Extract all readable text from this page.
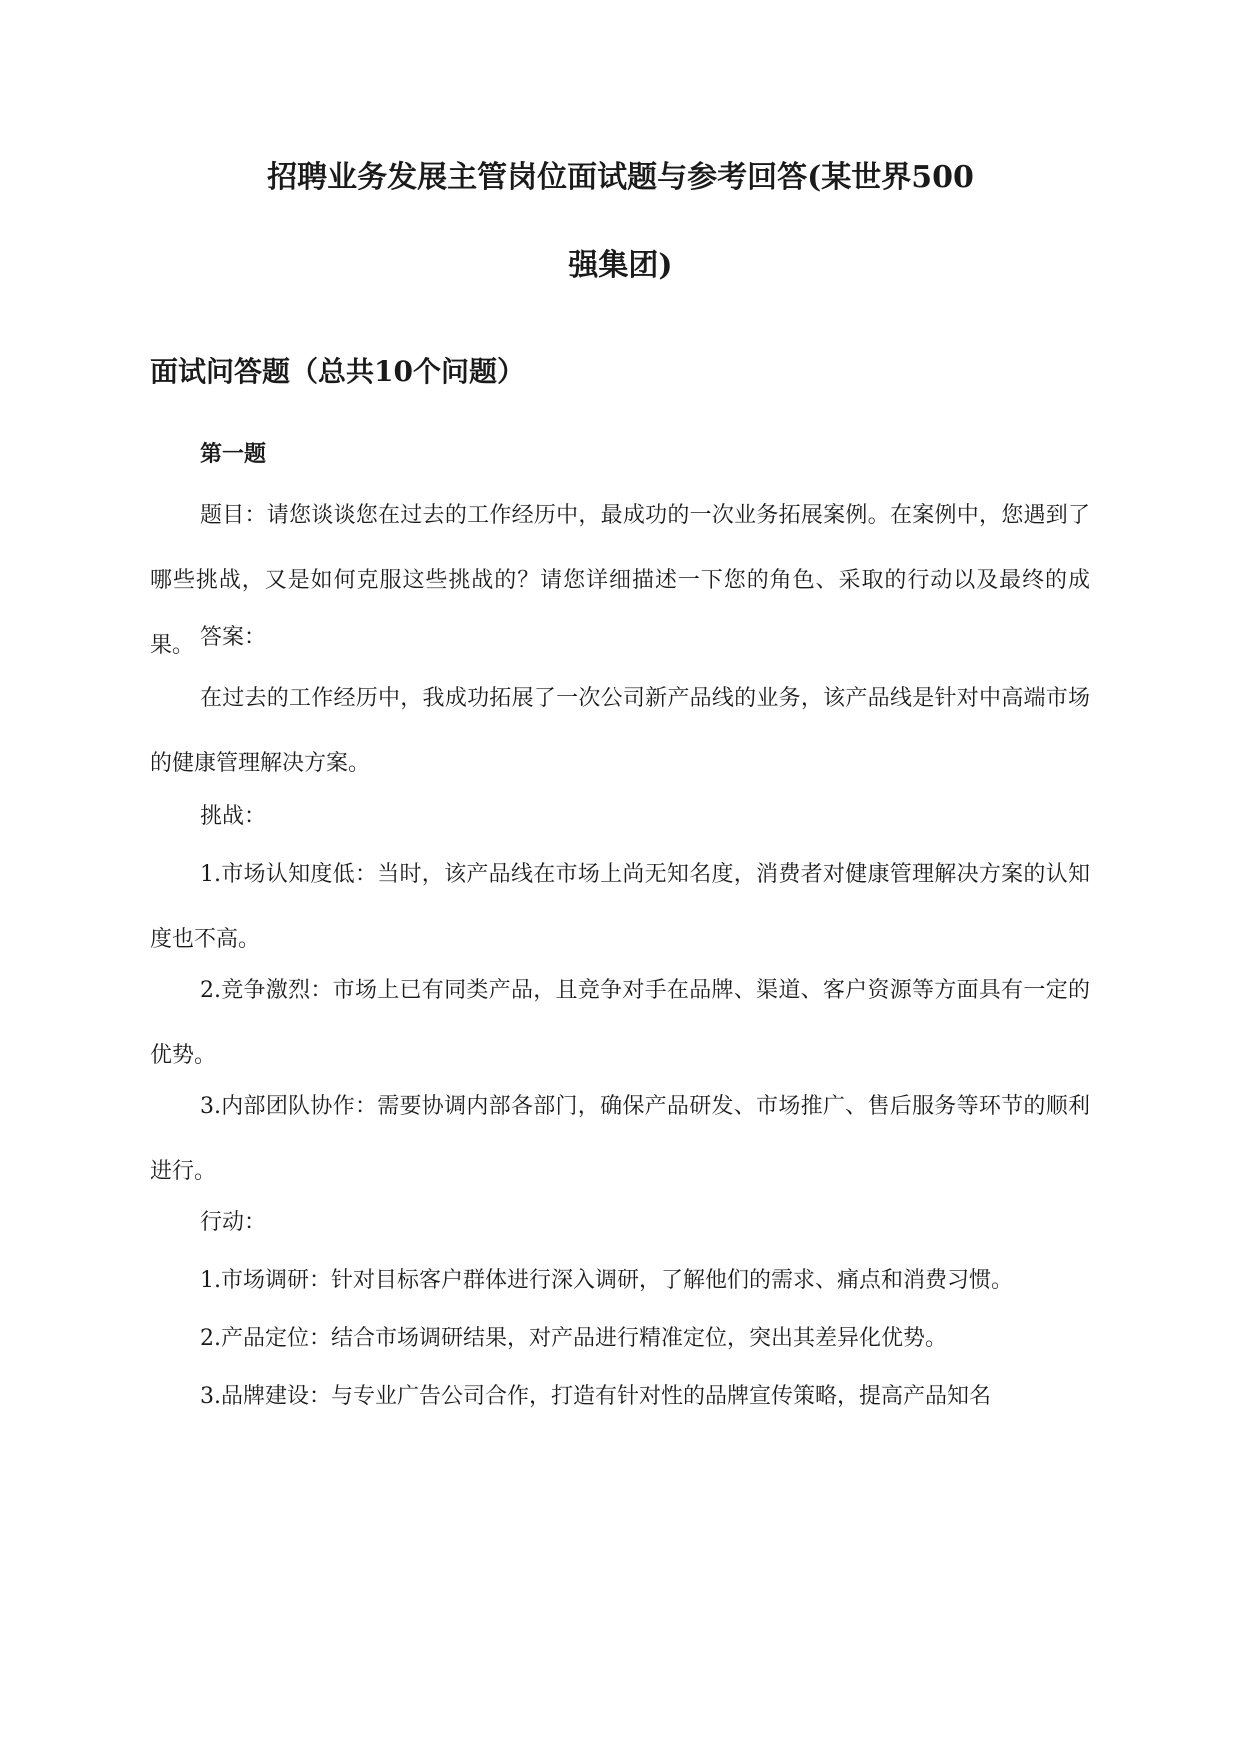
招聘业务发展主管岗位面试题与参考回答(某世界500
强集团)
面试问答题（总共10个问题）
第一题

题目：请您谈谈您在过去的工作经历中，最成功的一次业务拓展案例。在案例中，您遇到了哪些挑战，又是如何克服这些挑战的？请您详细描述一下您的角色、采取的行动以及最终的成果。 答案：

在过去的工作经历中，我成功拓展了一次公司新产品线的业务，该产品线是针对中高端市场的健康管理解决方案。

挑战：

1.市场认知度低：当时，该产品线在市场上尚无知名度，消费者对健康管理解决方案的认知度也不高。

2.竞争激烈：市场上已有同类产品，且竞争对手在品牌、渠道、客户资源等方面具有一定的优势。

3.内部团队协作：需要协调内部各部门，确保产品研发、市场推广、售后服务等环节的顺利进行。

行动：

1.市场调研：针对目标客户群体进行深入调研，了解他们的需求、痛点和消费习惯。

2.产品定位：结合市场调研结果，对产品进行精准定位，突出其差异化优势。

3.品牌建设：与专业广告公司合作，打造有针对性的品牌宣传策略，提高产品知名
